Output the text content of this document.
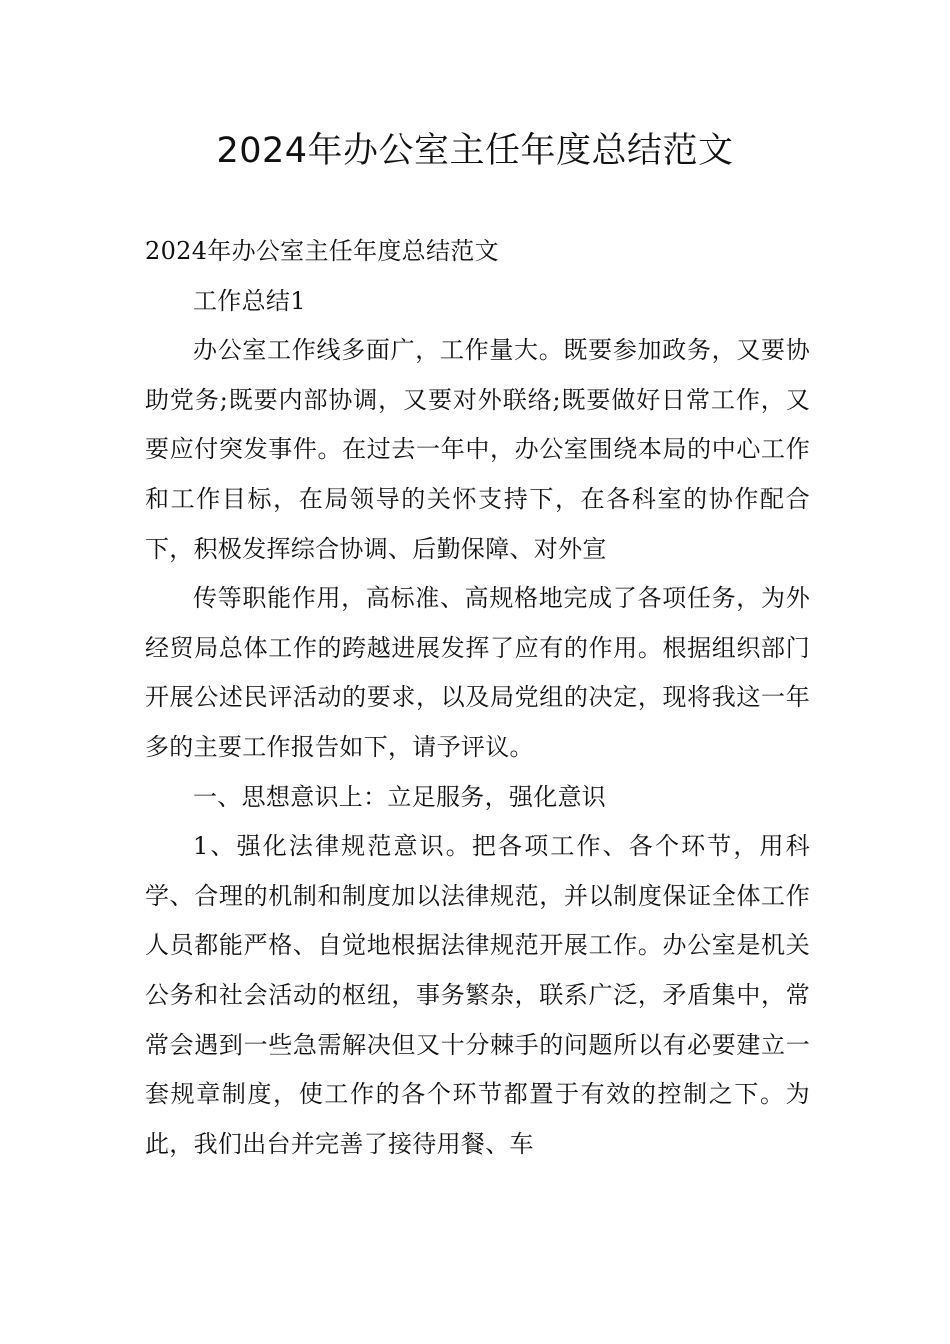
2024年办公室主任年度总结范文

2024年办公室主任年度总结范文

工作总结1

办公室工作线多面广，工作量大。既要参加政务，又要协助党务;既要内部协调，又要对外联络;既要做好日常工作，又要应付突发事件。在过去一年中，办公室围绕本局的中心工作和工作目标，在局领导的关怀支持下，在各科室的协作配合下，积极发挥综合协调、后勤保障、对外宣

传等职能作用，高标准、高规格地完成了各项任务，为外经贸局总体工作的跨越进展发挥了应有的作用。根据组织部门开展公述民评活动的要求，以及局党组的决定，现将我这一年多的主要工作报告如下，请予评议。

一、思想意识上：立足服务，强化意识

1、强化法律规范意识。把各项工作、各个环节，用科学、合理的机制和制度加以法律规范，并以制度保证全体工作人员都能严格、自觉地根据法律规范开展工作。办公室是机关公务和社会活动的枢纽，事务繁杂，联系广泛，矛盾集中，常常会遇到一些急需解决但又十分棘手的问题所以有必要建立一套规章制度，使工作的各个环节都置于有效的控制之下。为此，我们出台并完善了接待用餐、车
